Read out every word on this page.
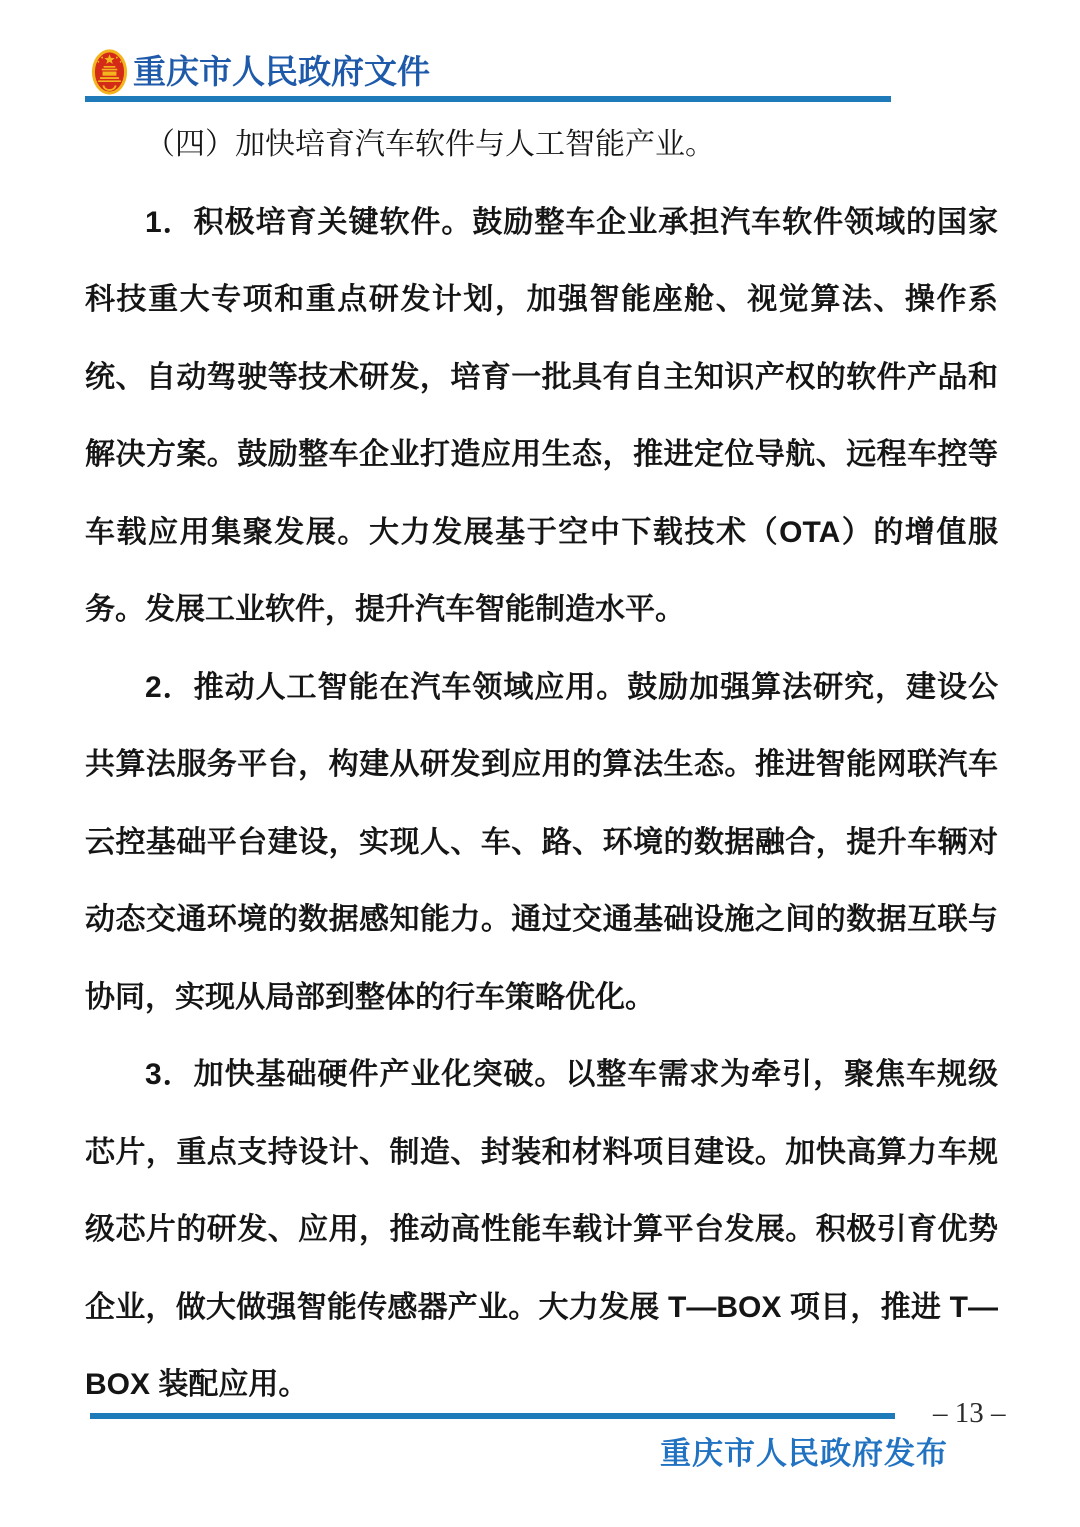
重庆市人民政府文件

（四）加快培育汽车软件与人工智能产业。

1．积极培育关键软件。鼓励整车企业承担汽车软件领域的国家科技重大专项和重点研发计划，加强智能座舱、视觉算法、操作系统、自动驾驶等技术研发，培育一批具有自主知识产权的软件产品和解决方案。鼓励整车企业打造应用生态，推进定位导航、远程车控等车载应用集聚发展。大力发展基于空中下载技术（OTA）的增值服务。发展工业软件，提升汽车智能制造水平。

2．推动人工智能在汽车领域应用。鼓励加强算法研究，建设公共算法服务平台，构建从研发到应用的算法生态。推进智能网联汽车云控基础平台建设，实现人、车、路、环境的数据融合，提升车辆对动态交通环境的数据感知能力。通过交通基础设施之间的数据互联与协同，实现从局部到整体的行车策略优化。

3．加快基础硬件产业化突破。以整车需求为牵引，聚焦车规级芯片，重点支持设计、制造、封装和材料项目建设。加快高算力车规级芯片的研发、应用，推动高性能车载计算平台发展。积极引育优势企业，做大做强智能传感器产业。大力发展 T—BOX 项目，推进 T—BOX 装配应用。

– 13 –
重庆市人民政府发布
